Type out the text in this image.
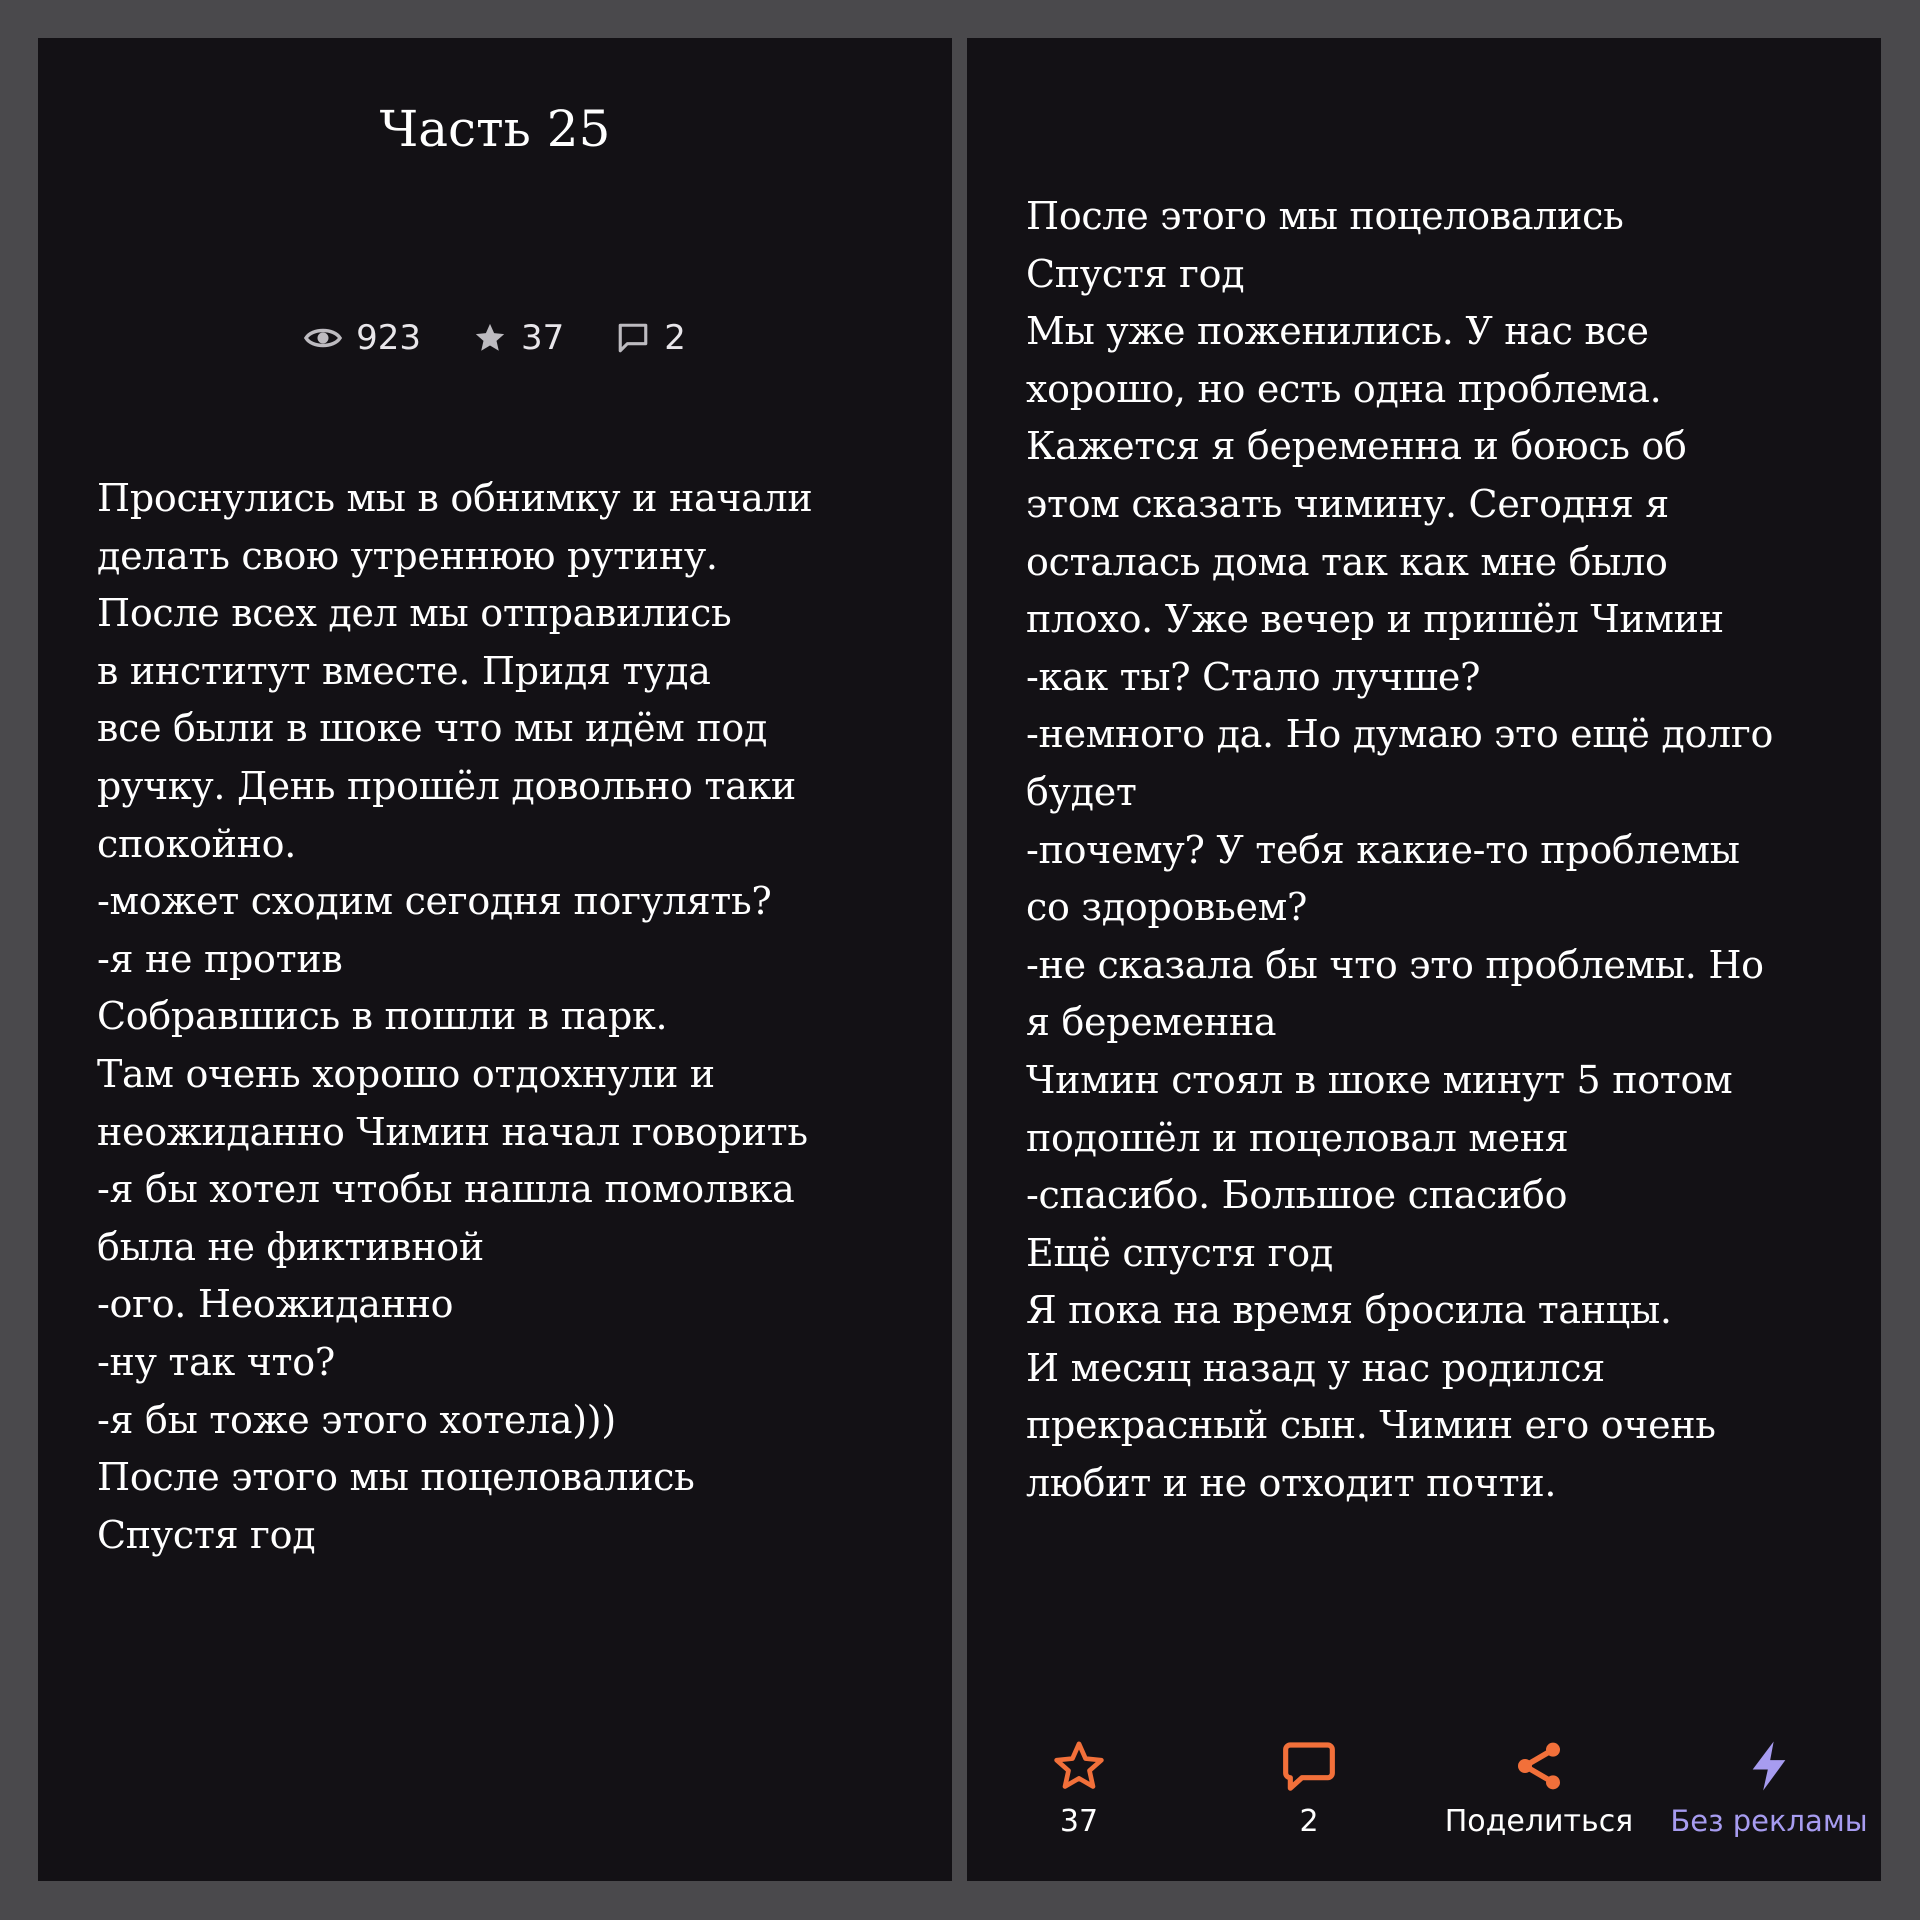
Часть 25
923	37	2
Проснулись мы в обнимку и начали
делать свою утреннюю рутину.
После всех дел мы отправились
в институт вместе. Придя туда
все были в шоке что мы идём под
ручку. День прошёл довольно таки
спокойно.
-может сходим сегодня погулять?
-я не против
Собравшись в пошли в парк.
Там очень хорошо отдохнули и
неожиданно Чимин начал говорить
-я бы хотел чтобы нашла помолвка
была не фиктивной
-ого. Неожиданно
-ну так что?
-я бы тоже этого хотела)))
После этого мы поцеловались
Спустя год
После этого мы поцеловались
Спустя год
Мы уже поженились. У нас все
хорошо, но есть одна проблема.
Кажется я беременна и боюсь об
этом сказать чимину. Сегодня я
осталась дома так как мне было
плохо. Уже вечер и пришёл Чимин
-как ты? Стало лучше?
-немного да. Но думаю это ещё долго
будет
-почему? У тебя какие-то проблемы
со здоровьем?
-не сказала бы что это проблемы. Но
я беременна
Чимин стоял в шоке минут 5 потом
подошёл и поцеловал меня
-спасибо. Большое спасибо
Ещё спустя год
Я пока на время бросила танцы.
И месяц назад у нас родился
прекрасный сын. Чимин его очень
любит и не отходит почти.
37	2	Поделиться Без рекламы
